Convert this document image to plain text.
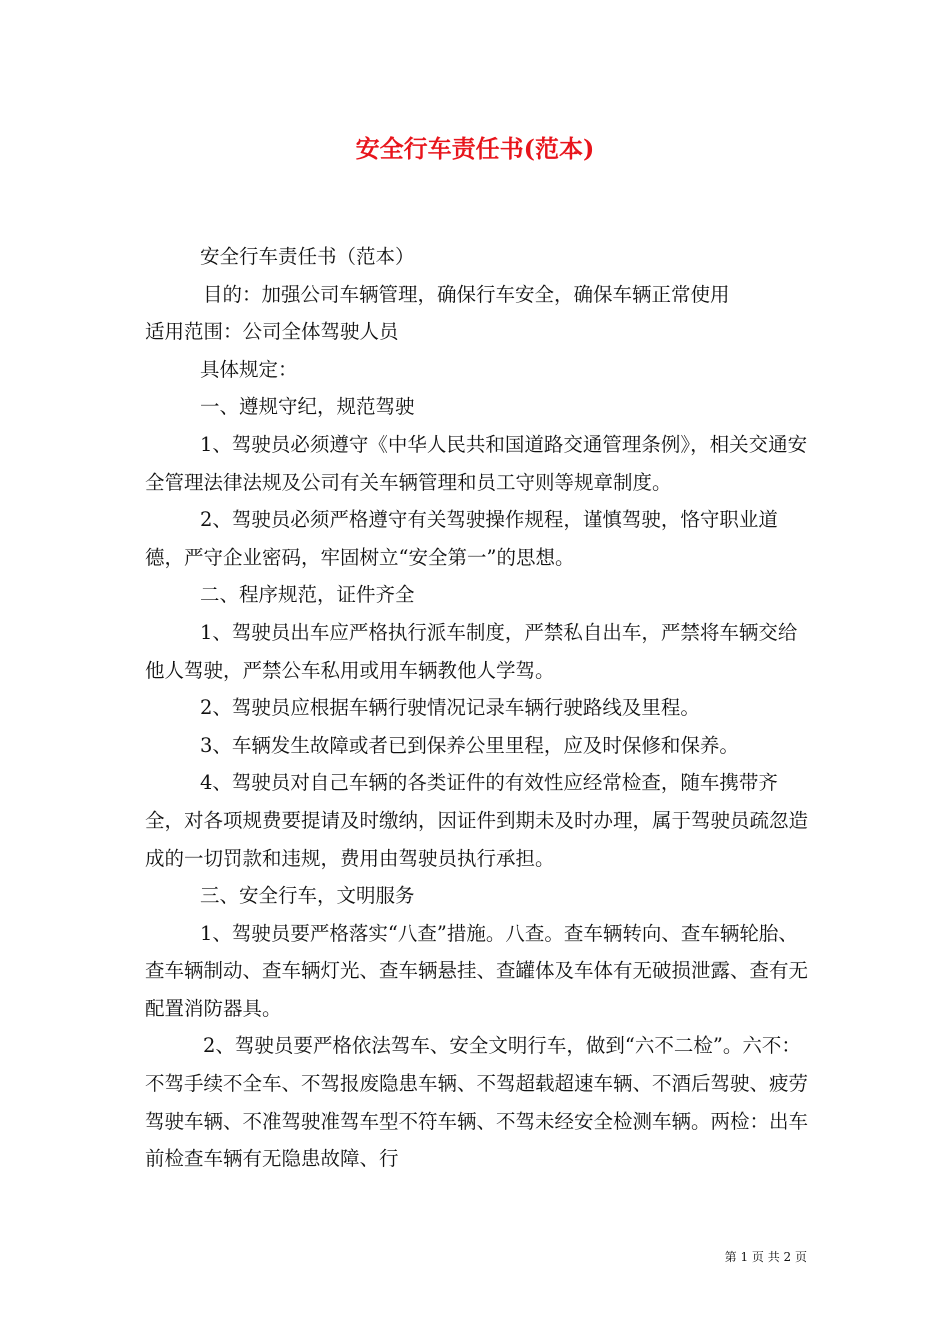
安全行车责任书(范本)

安全行车责任书（范本）

目的：加强公司车辆管理，确保行车安全，确保车辆正常使用

适用范围：公司全体驾驶人员

具体规定：

一、遵规守纪，规范驾驶

1、驾驶员必须遵守《中华人民共和国道路交通管理条例》，相关交通安全管理法律法规及公司有关车辆管理和员工守则等规章制度。

2、驾驶员必须严格遵守有关驾驶操作规程，谨慎驾驶，恪守职业道德，严守企业密码，牢固树立“安全第一”的思想。

二、程序规范，证件齐全

1、驾驶员出车应严格执行派车制度，严禁私自出车，严禁将车辆交给他人驾驶，严禁公车私用或用车辆教他人学驾。

2、驾驶员应根据车辆行驶情况记录车辆行驶路线及里程。

3、车辆发生故障或者已到保养公里里程，应及时保修和保养。

4、驾驶员对自己车辆的各类证件的有效性应经常检查，随车携带齐全，对各项规费要提请及时缴纳，因证件到期未及时办理，属于驾驶员疏忽造成的一切罚款和违规，费用由驾驶员执行承担。

三、安全行车，文明服务

1、驾驶员要严格落实“八查”措施。八查。查车辆转向、查车辆轮胎、查车辆制动、查车辆灯光、查车辆悬挂、查罐体及车体有无破损泄露、查有无配置消防器具。

2、驾驶员要严格依法驾车、安全文明行车，做到“六不二检”。六不：不驾手续不全车、不驾报废隐患车辆、不驾超载超速车辆、不酒后驾驶、疲劳驾驶车辆、不准驾驶准驾车型不符车辆、不驾未经安全检测车辆。两检：出车前检查车辆有无隐患故障、行

第 1 页 共 2 页
